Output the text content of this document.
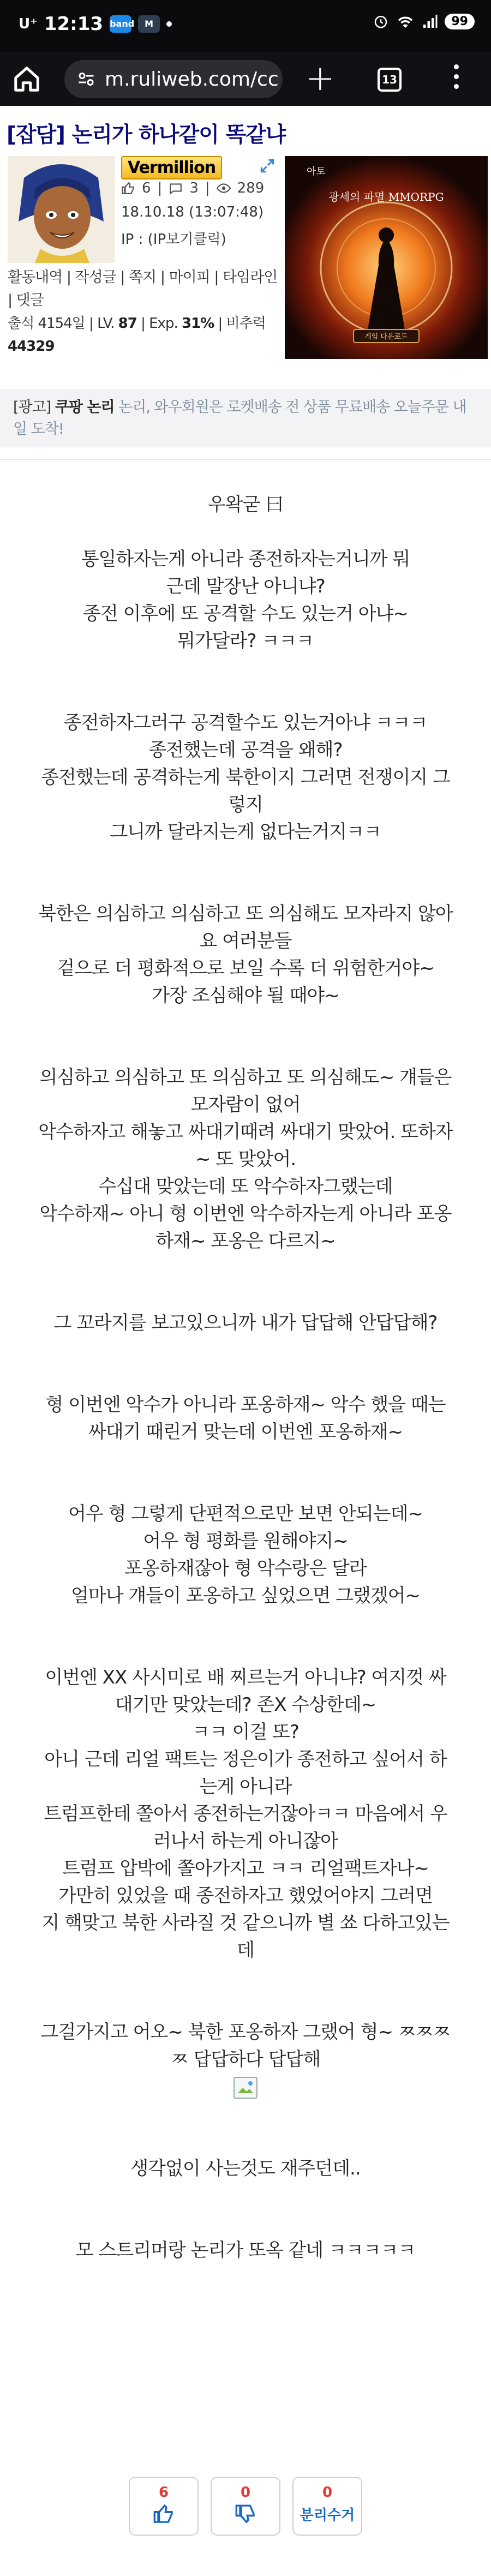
U⁺ 12:13 band	M	99
m.ruliweb.com/cc +	13
[잡담] 논리가 하나같이 똑같냐
Vermillion
6 | 3 | 289
18.10.18 (13:07:48)
IP : (IP보기클릭)
게임 다운로드
광세의 파멸 MMORPG
아토
활동내역 | 작성글 | 쪽지 | 마이피 | 타임라인 | 댓글
출석 4154일 | LV. 87 | Exp. 31% | 비추력 44329
[광고] 쿠팡 논리 논리, 와우회원은 로켓배송 전 상품 무료배송 오늘주문 내일 도착!

우왁굳 曰

통일하자는게 아니라 종전하자는거니까 뭐

근데 말장난 아니냐?

종전 이후에 또 공격할 수도 있는거 아냐~

뭐가달라? ㅋㅋㅋ

종전하자그러구 공격할수도 있는거아냐 ㅋㅋㅋ

종전했는데 공격을 왜해?

종전했는데 공격하는게 북한이지 그러면 전쟁이지 그

렇지

그니까 달라지는게 없다는거지ㅋㅋ

북한은 의심하고 의심하고 또 의심해도 모자라지 않아

요 여러분들

겉으로 더 평화적으로 보일 수록 더 위험한거야~

가장 조심해야 될 때야~

의심하고 의심하고 또 의심하고 또 의심해도~ 걔들은

모자람이 없어

악수하자고 해놓고 싸대기때려 싸대기 맞았어. 또하자

~ 또 맞았어.

수십대 맞았는데 또 악수하자그랬는데

악수하재~ 아니 형 이번엔 악수하자는게 아니라 포옹

하재~ 포옹은 다르지~

그 꼬라지를 보고있으니까 내가 답답해 안답답해?

형 이번엔 악수가 아니라 포옹하재~ 악수 했을 때는

싸대기 때린거 맞는데 이번엔 포옹하재~

어우 형 그렇게 단편적으로만 보면 안되는데~

어우 형 평화를 원해야지~

포옹하재잖아 형 악수랑은 달라

얼마나 걔들이 포옹하고 싶었으면 그랬겠어~

이번엔 XX 사시미로 배 찌르는거 아니냐? 여지껏 싸

대기만 맞았는데? 존X 수상한데~

ㅋㅋ 이걸 또?

아니 근데 리얼 팩트는 정은이가 종전하고 싶어서 하

는게 아니라

트럼프한테 쫄아서 종전하는거잖아ㅋㅋ 마음에서 우

러나서 하는게 아니잖아

트럼프 압박에 쫄아가지고 ㅋㅋ 리얼팩트자나~

가만히 있었을 때 종전하자고 했었어야지 그러면

지 핵맞고 북한 사라질 것 같으니까 별 쑈 다하고있는

데

그걸가지고 어오~ 북한 포옹하자 그랬어 형~ ㅉㅉㅉ

ㅉ 답답하다 답답해

생각없이 사는것도 재주던데..

모 스트리머랑 논리가 또옥 같네 ㅋㅋㅋㅋㅋ

6	0	0
분리수거
